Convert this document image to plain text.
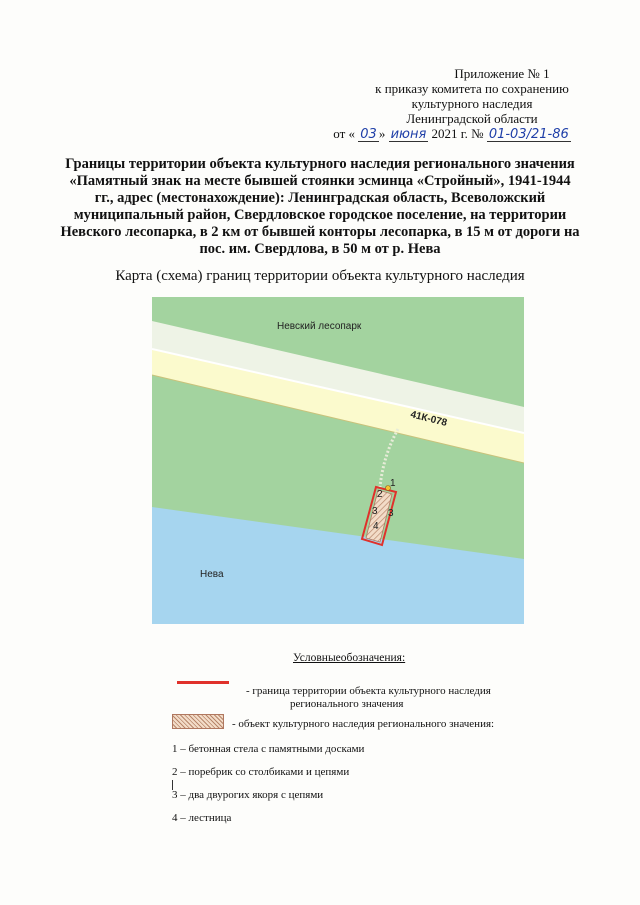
Приложение № 1
к приказу комитета по сохранению
культурного наследия
Ленинградской области
от « 03 » июня 2021 г. № 01-03/21-86
Границы территории объекта культурного наследия регионального значения «Памятный знак на месте бывшей стоянки эсминца «Стройный», 1941-1944 гг., адрес (местонахождение): Ленинградская область, Всеволожский муниципальный район, Свердловское городское поселение, на территории Невского лесопарка, в 2 км от бывшей конторы лесопарка, в 15 м от дороги на пос. им. Свердлова, в 50 м от р. Нева
Карта (схема) границ территории объекта культурного наследия
Невский лесопарк
41К-078
Нева
1
2
3 3
4
Условныеобозначения:
- граница территории объекта культурного наследия
регионального значения
- объект культурного наследия регионального значения:
1 – бетонная стела с памятными досками
2 – поребрик со столбиками и цепями
3 – два двурогих якоря с цепями
4 – лестница
